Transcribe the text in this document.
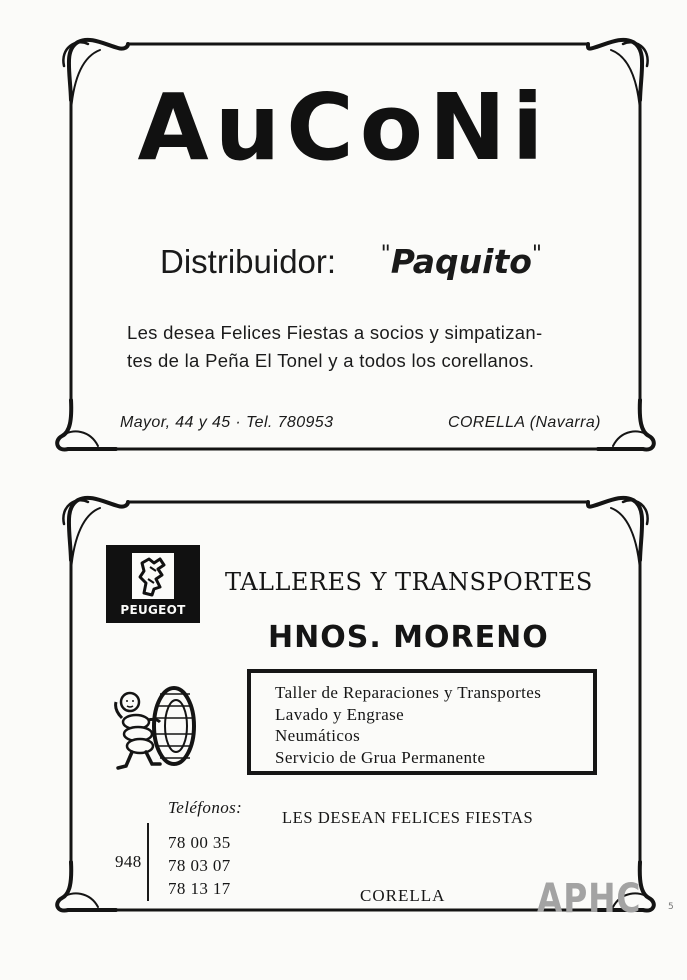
AuCoNi
Distribuidor: "Paquito"
Les desea Felices Fiestas a socios y simpatizan-
tes de la Peña El Tonel y a todos los corellanos.
Mayor, 44 y 45 · Tel. 780953	CORELLA (Navarra)
PEUGEOT
TALLERES Y TRANSPORTES
HNOS. MORENO
Taller de Reparaciones y Transportes
Lavado y Engrase
Neumáticos
Servicio de Grua Permanente
Teléfonos:
LES DESEAN FELICES FIESTAS
948
78 00 35
78 03 07
78 13 17	CORELLA APHC	5
